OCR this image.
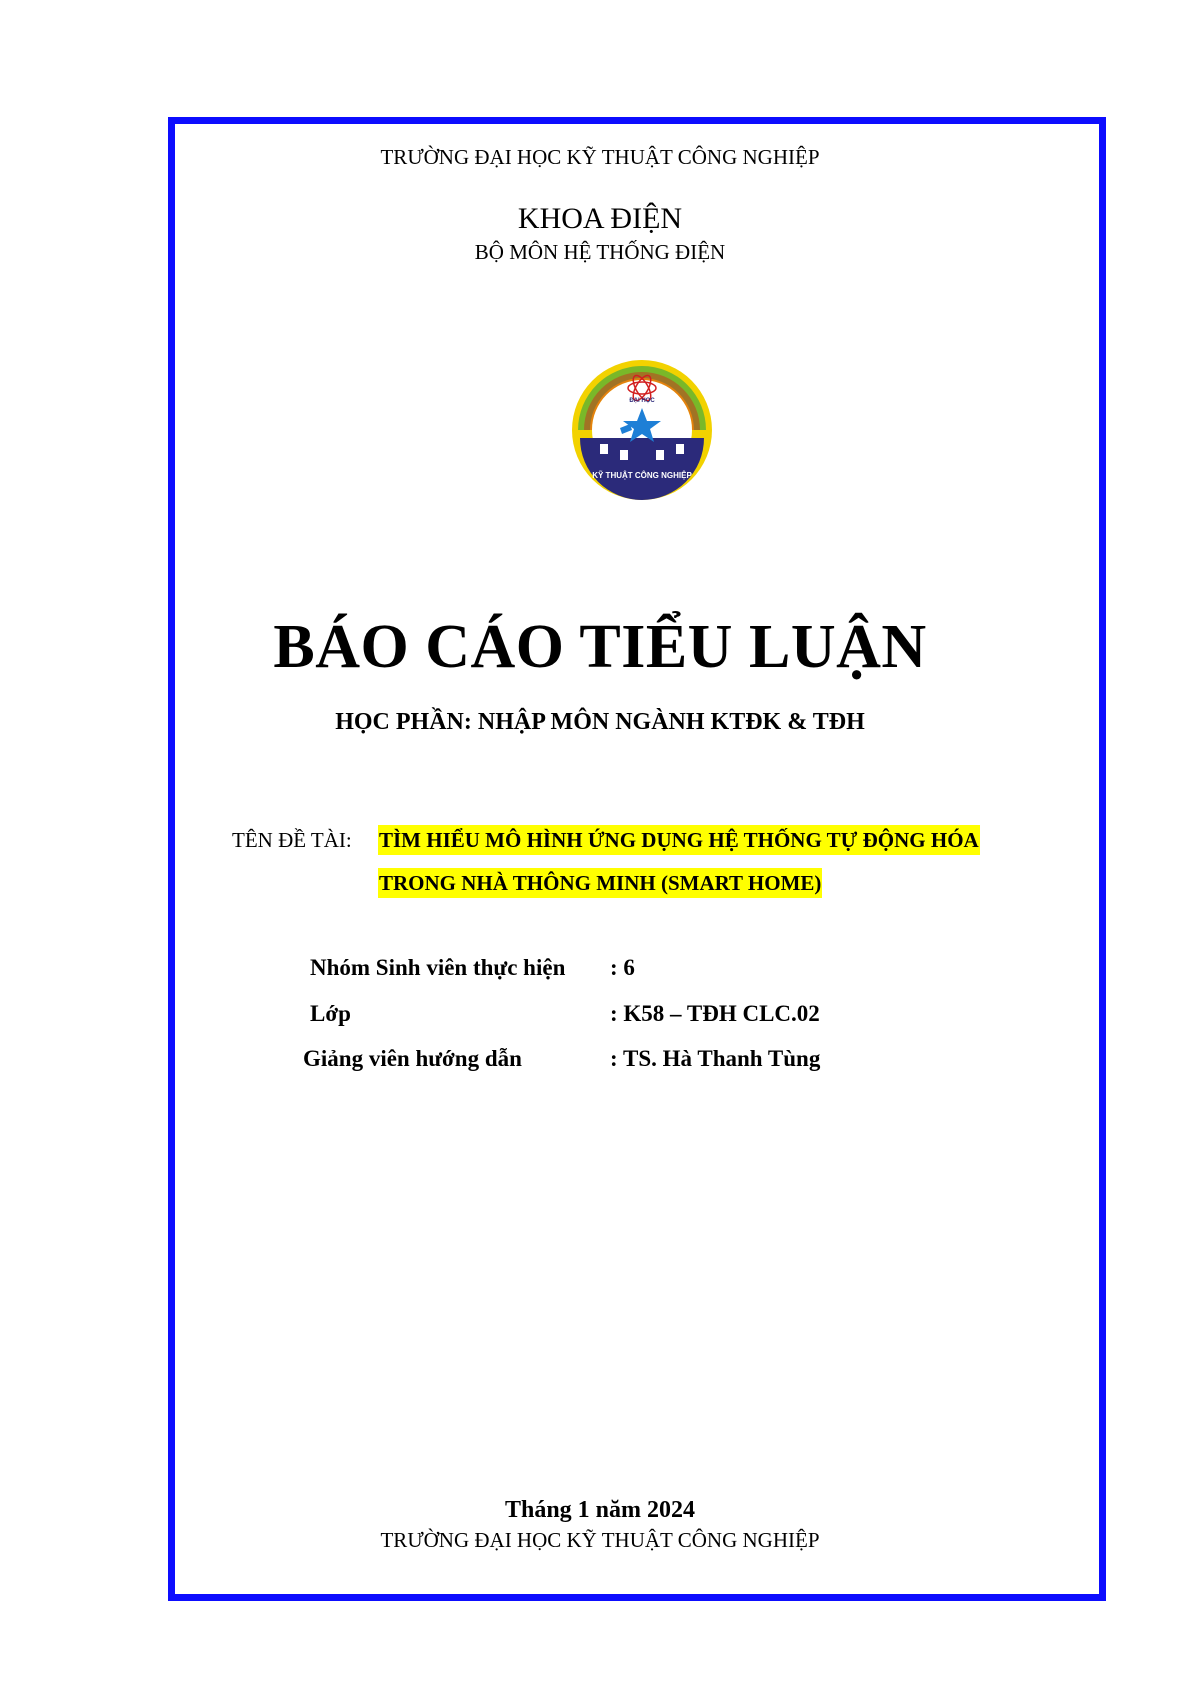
TRƯỜNG ĐẠI HỌC KỸ THUẬT CÔNG NGHIỆP
KHOA ĐIỆN
BỘ MÔN HỆ THỐNG ĐIỆN
KỸ THUẬT CÔNG NGHIỆP
ĐẠI HỌC
BÁO CÁO TIỂU LUẬN
HỌC PHẦN: NHẬP MÔN NGÀNH KTĐK & TĐH
TÊN ĐỀ TÀI: TÌM HIỂU MÔ HÌNH ỨNG DỤNG HỆ THỐNG TỰ ĐỘNG HÓA
TRONG NHÀ THÔNG MINH (SMART HOME)
Nhóm Sinh viên thực hiện : 6
Lớp	: K58 – TĐH CLC.02
Giảng viên hướng dẫn	: TS. Hà Thanh Tùng
Tháng 1 năm 2024
TRƯỜNG ĐẠI HỌC KỸ THUẬT CÔNG NGHIỆP
